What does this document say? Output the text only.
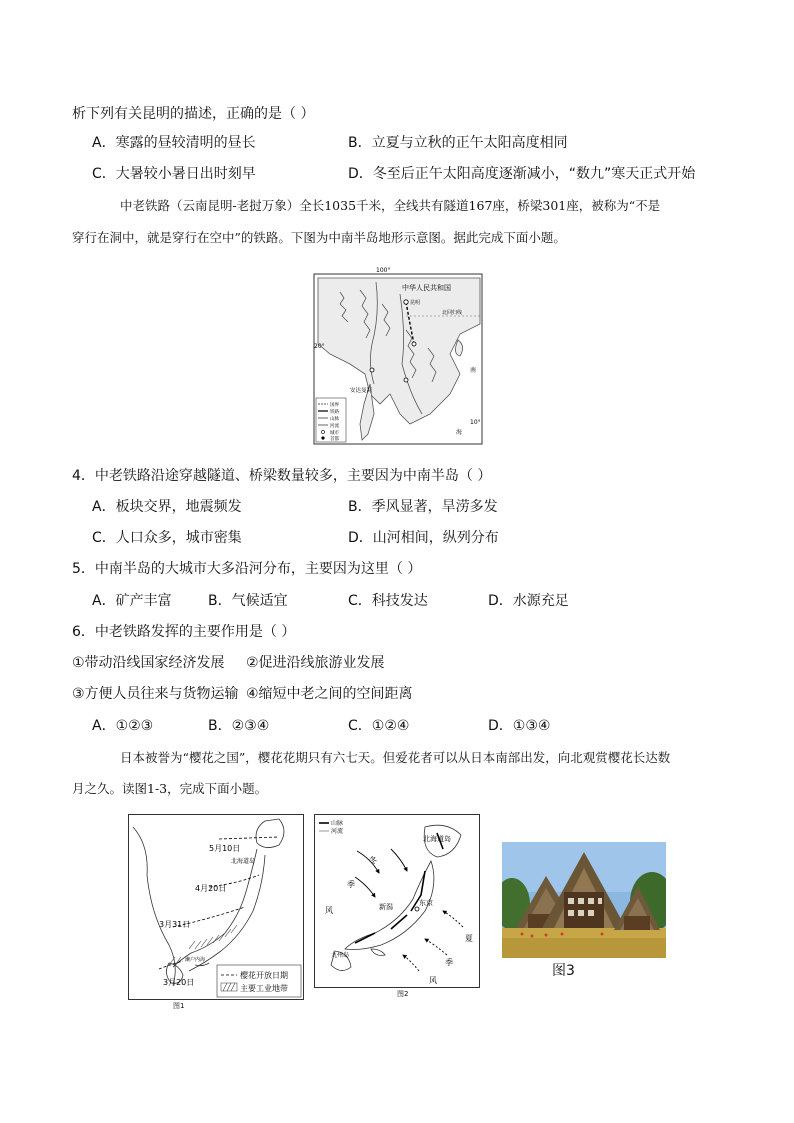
析下列有关昆明的描述，正确的是（ ）
A．寒露的昼较清明的昼长	B．立夏与立秋的正午太阳高度相同
C．大暑较小暑日出时刻早	D．冬至后正午太阳高度逐渐减小，“数九”寒天正式开始
中老铁路（云南昆明-老挝万象）全长1035千米，全线共有隧道167座，桥梁301座，被称为“不是
穿行在洞中，就是穿行在空中”的铁路。下图为中南半岛地形示意图。据此完成下面小题。
国界
铁路
山脉
河流
城市
首都
100°
20°
10°
中华人民共和国
昆明
北回归线
安达曼海
南
海
4．中老铁路沿途穿越隧道、桥梁数量较多，主要因为中南半岛（ ）
A．板块交界，地震频发	B．季风显著，旱涝多发
C．人口众多，城市密集	D．山河相间，纵列分布
5．中南半岛的大城市大多沿河分布，主要因为这里（ ）
A．矿产丰富	B．气候适宜	C．科技发达	D．水源充足
6．中老铁路发挥的主要作用是（ ）
①带动沿线国家经济发展 ②促进沿线旅游业发展
③方便人员往来与货物运输 ④缩短中老之间的空间距离
A．①②③	B．②③④	C．①②④	D．①③④
日本被誉为“樱花之国”，樱花花期只有六七天。但爱花者可以从日本南部出发，向北观赏樱花长达数
月之久。读图1-3，完成下面小题。
樱花开放日期
主要工业地带
5月10日
北海道岛
4月20日
3月31日
3月20日
濑户内海
图1
山脉
河流
北海道岛
冬
季
风	新潟	东京
夏
季
风
九州岛
图2
图3
